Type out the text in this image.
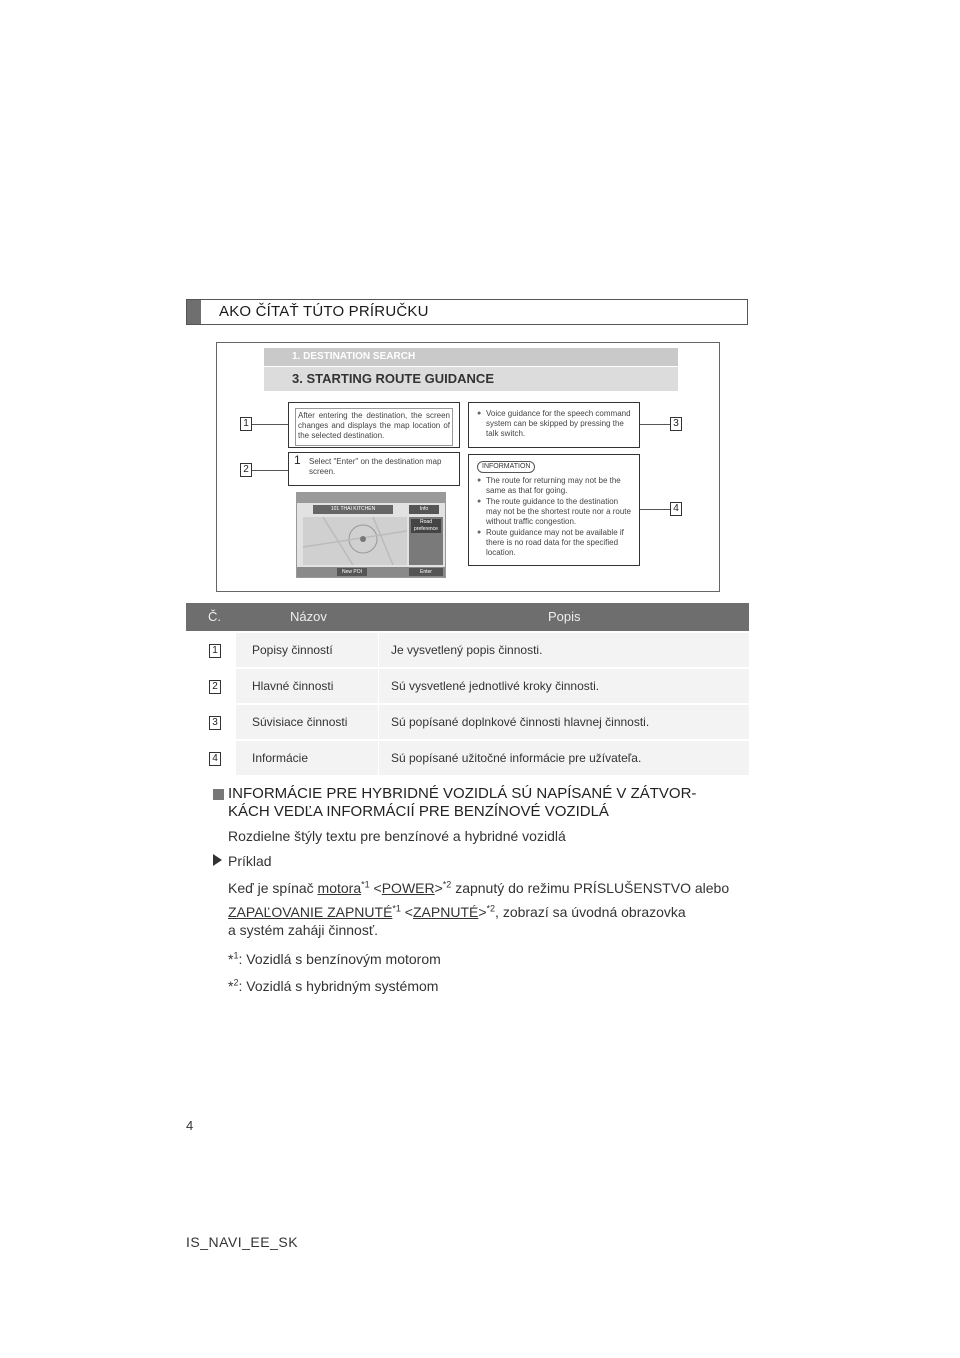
AKO ČÍTAŤ TÚTO PRÍRUČKU
1. DESTINATION SEARCH
3. STARTING ROUTE GUIDANCE
After entering the destination, the screen changes and displays the map location of the selected destination.
1 Select "Enter" on the destination map screen.
● Voice guidance for the speech command system can be skipped by pressing the talk switch.
INFORMATION
● The route for returning may not be the same as that for going.
● The route guidance to the destination may not be the shortest route nor a route without traffic congestion.
● Route guidance may not be available if there is no road data for the specified location.
101 THAI KITCHEN	Info
Road preference
New POI	Enter
1
2
3
4
Č.	Názov	Popis
1	Popisy činností	Je vysvetlený popis činnosti.
2	Hlavné činnosti	Sú vysvetlené jednotlivé kroky činnosti.
3	Súvisiace činnosti	Sú popísané doplnkové činnosti hlavnej činnosti.
4	Informácie	Sú popísané užitočné informácie pre užívateľa.
INFORMÁCIE PRE HYBRIDNÉ VOZIDLÁ SÚ NAPÍSANÉ V ZÁTVOR-
KÁCH VEDĽA INFORMÁCIÍ PRE BENZÍNOVÉ VOZIDLÁ
Rozdielne štýly textu pre benzínové a hybridné vozidlá
Príklad
Keď je spínač motora$^{*1}$ <POWER>$^{*2}$ zapnutý do režimu PRÍSLUŠENSTVO alebo
ZAPAĽOVANIE $ZAPNUTÉ^{*1}$ <ZAPNUTÉ>$^{*2}$, zobrazí sa úvodná obrazovka
a systém zaháji činnosť.
*$^1$: Vozidlá s benzínovým motorom
*$^2$: Vozidlá s hybridným systémom
4
IS_NAVI_EE_SK
